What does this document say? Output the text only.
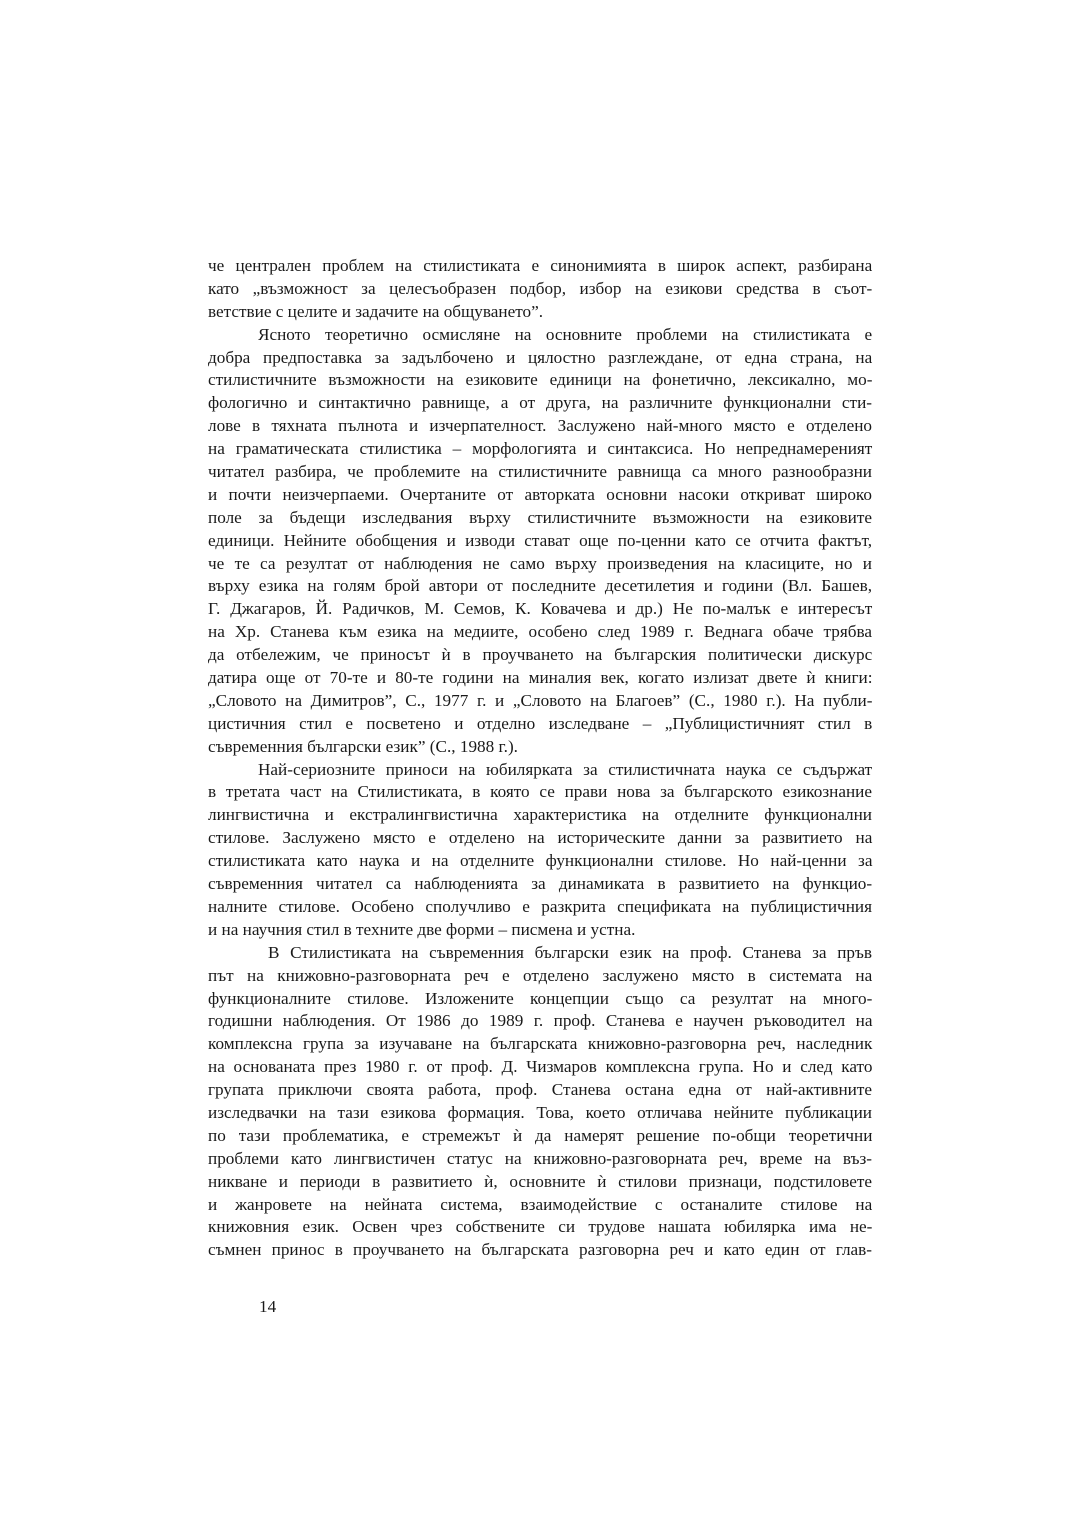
че централен проблем на стилистиката е синонимията в широк аспект, разбирана
като „възможност за целесъобразен подбор, избор на езикови средства в съот-
ветствие с целите и задачите на общуването”.
Ясното теоретично осмисляне на основните проблеми на стилистиката е
добра предпоставка за задълбочено и цялостно разглеждане, от една страна, на
стилистичните възможности на езиковите единици на фонетично, лексикално, мо-
фологично и синтактично равнище, а от друга, на различните функционални сти-
лове в тяхната пълнота и изчерпателност. Заслужено най-много място е отделено
на граматическата стилистика – морфологията и синтаксиса. Но непреднамереният
читател разбира, че проблемите на стилистичните равнища са много разнообразни
и почти неизчерпаеми. Очертаните от авторката основни насоки откриват широко
поле за бъдещи изследвания върху стилистичните възможности на езиковите
единици. Нейните обобщения и изводи стават още по-ценни като се отчита фактът,
че те са резултат от наблюдения не само върху произведения на класиците, но и
върху езика на голям брой автори от последните десетилетия и години (Вл. Башев,
Г. Джагаров, Й. Радичков, М. Семов, К. Ковачева и др.) Не по-малък е интересът
на Хр. Станева към езика на медиите, особено след 1989 г. Веднага обаче трябва
да отбележим, че приносът ѝ в проучването на българския политически дискурс
датира още от 70-те и 80-те години на миналия век, когато излизат двете ѝ книги:
„Словото на Димитров”, С., 1977 г. и „Словото на Благоев” (С., 1980 г.). На публи-
цистичния стил е посветено и отделно изследване – „Публицистичният стил в
съвременния български език” (С., 1988 г.).
Най-сериозните приноси на юбилярката за стилистичната наука се съдържат
в третата част на Стилистиката, в която се прави нова за българското езикознание
лингвистична и екстралингвистична характеристика на отделните функционални
стилове. Заслужено място е отделено на историческите данни за развитието на
стилистиката като наука и на отделните функционални стилове. Но най-ценни за
съвременния читател са наблюденията за динамиката в развитието на функцио-
налните стилове. Особено сполучливо е разкрита спецификата на публицистичния
и на научния стил в техните две форми – писмена и устна.
В Стилистиката на съвременния български език на проф. Станева за пръв
път на книжовно-разговорната реч е отделено заслужено място в системата на
функционалните стилове. Изложените концепции също са резултат на много-
годишни наблюдения. От 1986 до 1989 г. проф. Станева е научен ръководител на
комплексна група за изучаване на българската книжовно-разговорна реч, наследник
на основаната през 1980 г. от проф. Д. Чизмаров комплексна група. Но и след като
групата приключи своята работа, проф. Станева остана една от най-активните
изследвачки на тази езикова формация. Това, което отличава нейните публикации
по тази проблематика, е стремежът ѝ да намерят решение по-общи теоретични
проблеми като лингвистичен статус на книжовно-разговорната реч, време на въз-
никване и периоди в развитието ѝ, основните ѝ стилови признаци, подстиловете
и жанровете на нейната система, взаимодействие с останалите стилове на
книжовния език. Освен чрез собствените си трудове нашата юбилярка има не-
съмнен принос в проучването на българската разговорна реч и като един от глав-
14
